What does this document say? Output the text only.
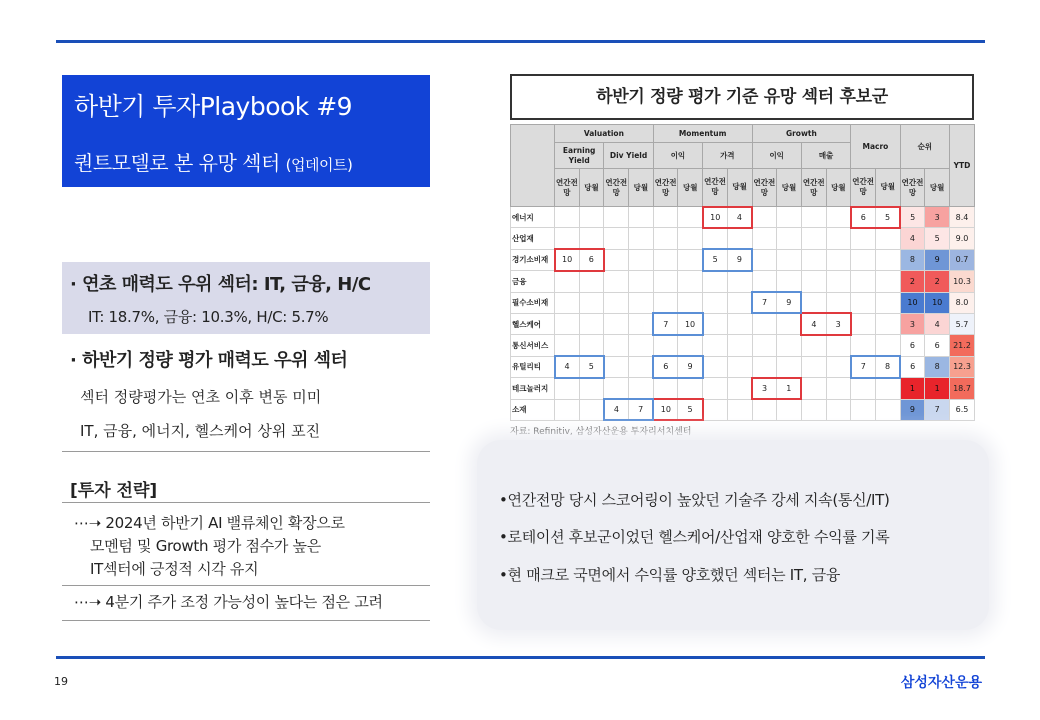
하반기 투자Playbook #9
퀀트모델로 본 유망 섹터 (업데이트)
· 연초 매력도 우위 섹터: IT, 금융, H/C
IT: 18.7%, 금융: 10.3%, H/C: 5.7%
· 하반기 정량 평가 매력도 우위 섹터
섹터 정량평가는 연초 이후 변동 미미
IT, 금융, 에너지, 헬스케어 상위 포진
[투자 전략]
⋯➝ 2024년 하반기 AI 밸류체인 확장으로
모멘텀 및 Growth 평가 점수가 높은
IT섹터에 긍정적 시각 유지
⋯➝ 4분기 주가 조정 가능성이 높다는 점은 고려
하반기 정량 평가 기준 유망 섹터 후보군
	Valuation				Momentum				Growth				Macro		순위		YTD
	Earning Yield		Div Yield		이익		가격		이익		매출						
	연간전망	당월	연간전망	당월	연간전망	당월	연간전망	당월	연간전망	당월	연간전망	당월	연간전망	당월	연간전망	당월	
에너지							10	4					6	5	5	3	8.4
산업재															4	5	9.0
경기소비재	10	6					5	9							8	9	0.7
금융															2	2	10.3
필수소비재									7	9					10	10	8.0
헬스케어					7	10					4	3			3	4	5.7
통신서비스															6	6	21.2
유틸리티	4	5			6	9							7	8	6	8	12.3
테크놀러지									3	1					1	1	18.7
소재			4	7	10	5									9	7	6.5
자료: Refinitiv, 삼성자산운용 투자리서치센터
•연간전망 당시 스코어링이 높았던 기술주 강세 지속(통신/IT)
•로테이션 후보군이었던 헬스케어/산업재 양호한 수익률 기록
•현 매크로 국면에서 수익률 양호했던 섹터는 IT, 금융
19	삼성자산운용
